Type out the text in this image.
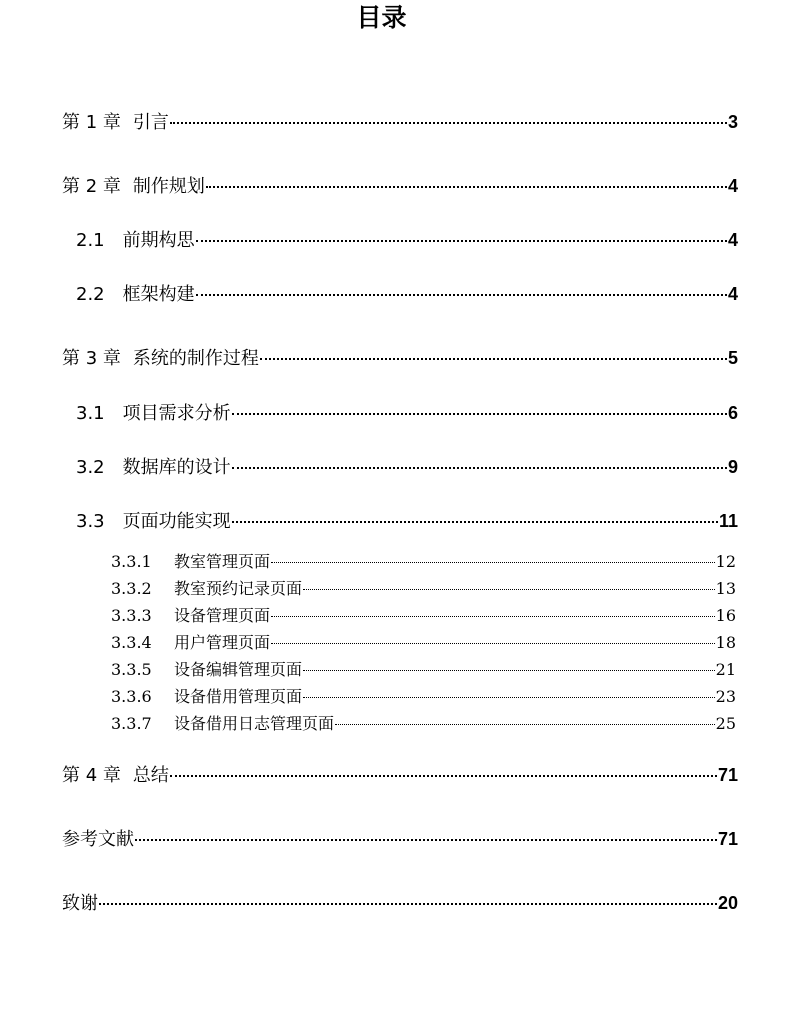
目录
第 1 章 引言	3
第 2 章 制作规划	4
2.1 前期构思	4
2.2 框架构建	4
第 3 章 系统的制作过程	5
3.1 项目需求分析	6
3.2 数据库的设计	9
3.3 页面功能实现	11
3.3.1	教室管理页面	12
3.3.2	教室预约记录页面	13
3.3.3	设备管理页面	16
3.3.4	用户管理页面	18
3.3.5	设备编辑管理页面	21
3.3.6	设备借用管理页面	23
3.3.7	设备借用日志管理页面	25
第 4 章 总结	71
参考文献	71
致谢	20
